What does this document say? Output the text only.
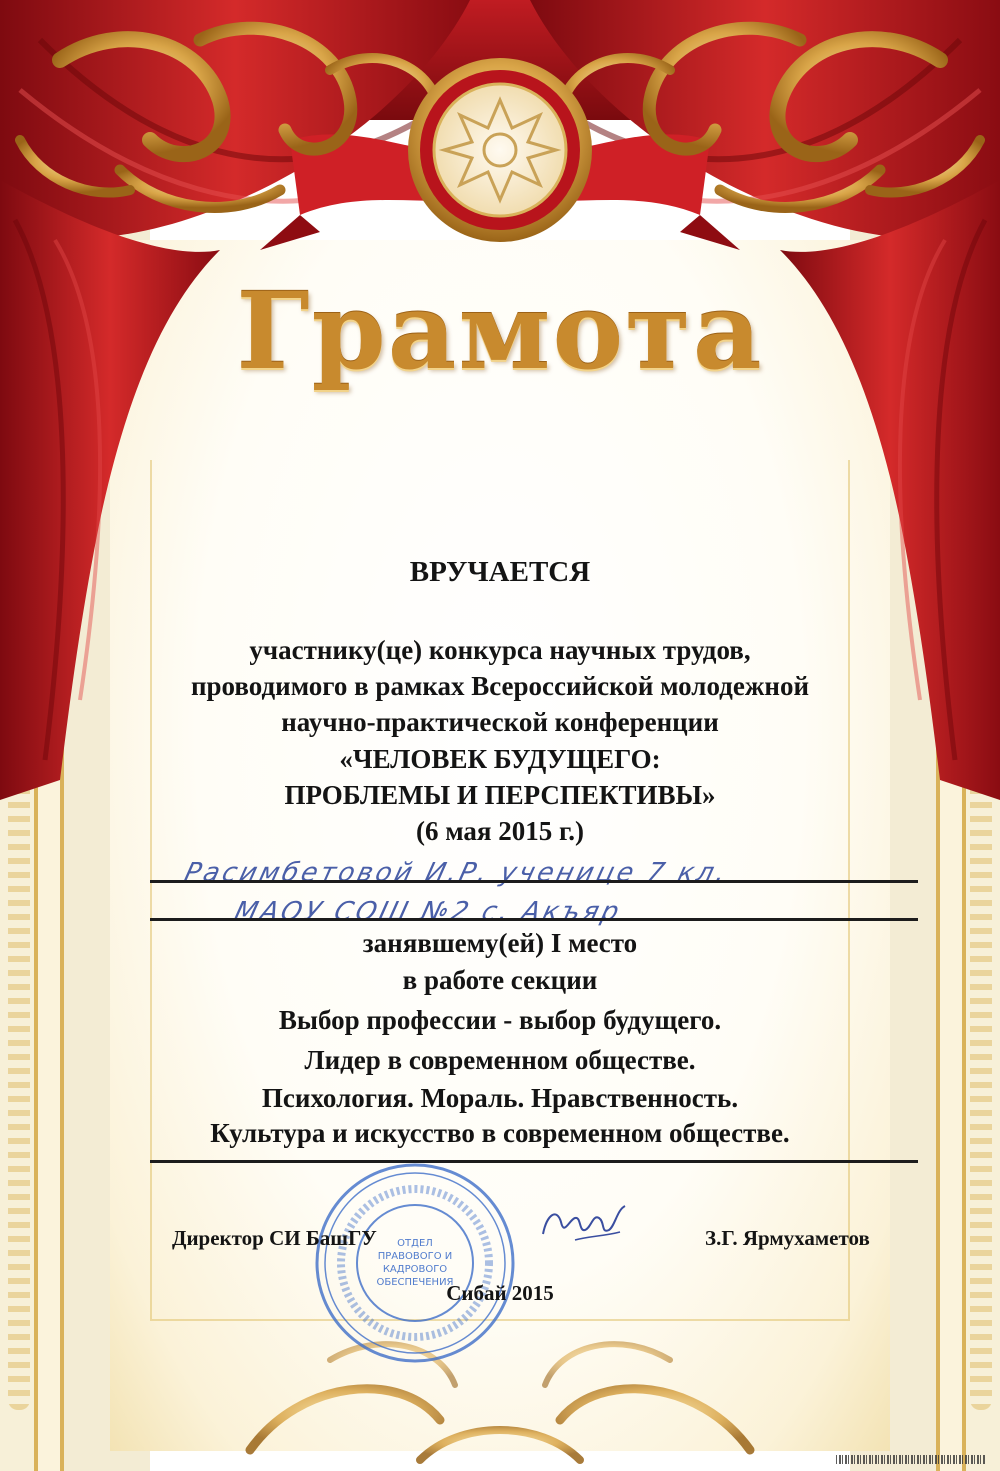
Грамота
ВРУЧАЕТСЯ
участнику(це) конкурса научных трудов,
проводимого в рамках Всероссийской молодежной
научно-практической конференции
«ЧЕЛОВЕК БУДУЩЕГО:
ПРОБЛЕМЫ И ПЕРСПЕКТИВЫ»
(6 мая 2015 г.)
Расимбетовой И.Р. ученице 7 кл.
МАОУ СОШ №2 с. Акъяр
занявшему(ей) I место
в работе секции
Выбор профессии - выбор будущего.
Лидер в современном обществе.
Психология. Мораль. Нравственность.
Культура и искусство в современном обществе.
ОТДЕЛ
ПРАВОВОГО И
КАДРОВОГО
ОБЕСПЕЧЕНИЯ
Директор СИ БашГУ	З.Г. Ярмухаметов
Сибай 2015
